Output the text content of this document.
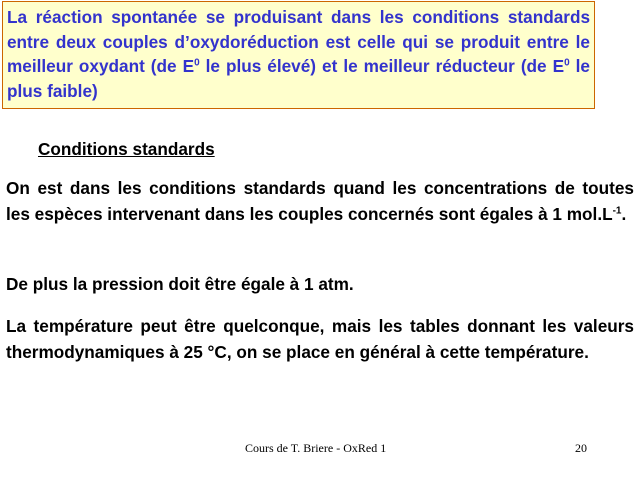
La réaction spontanée se produisant dans les conditions standards entre deux couples d’oxydoréduction est celle qui se produit entre le meilleur oxydant (de $E^0$ le plus élevé) et le meilleur réducteur (de $E^0$ le plus faible)
Conditions standards

On est dans les conditions standards quand les concentrations de toutes les espèces intervenant dans les couples concernés sont égales à 1 $mol.L^{-1}$.

De plus la pression doit être égale à 1 atm.

La température peut être quelconque, mais les tables donnant les valeurs thermodynamiques à 25 °C, on se place en général à cette température.

Cours de T. Briere - OxRed 1	20
